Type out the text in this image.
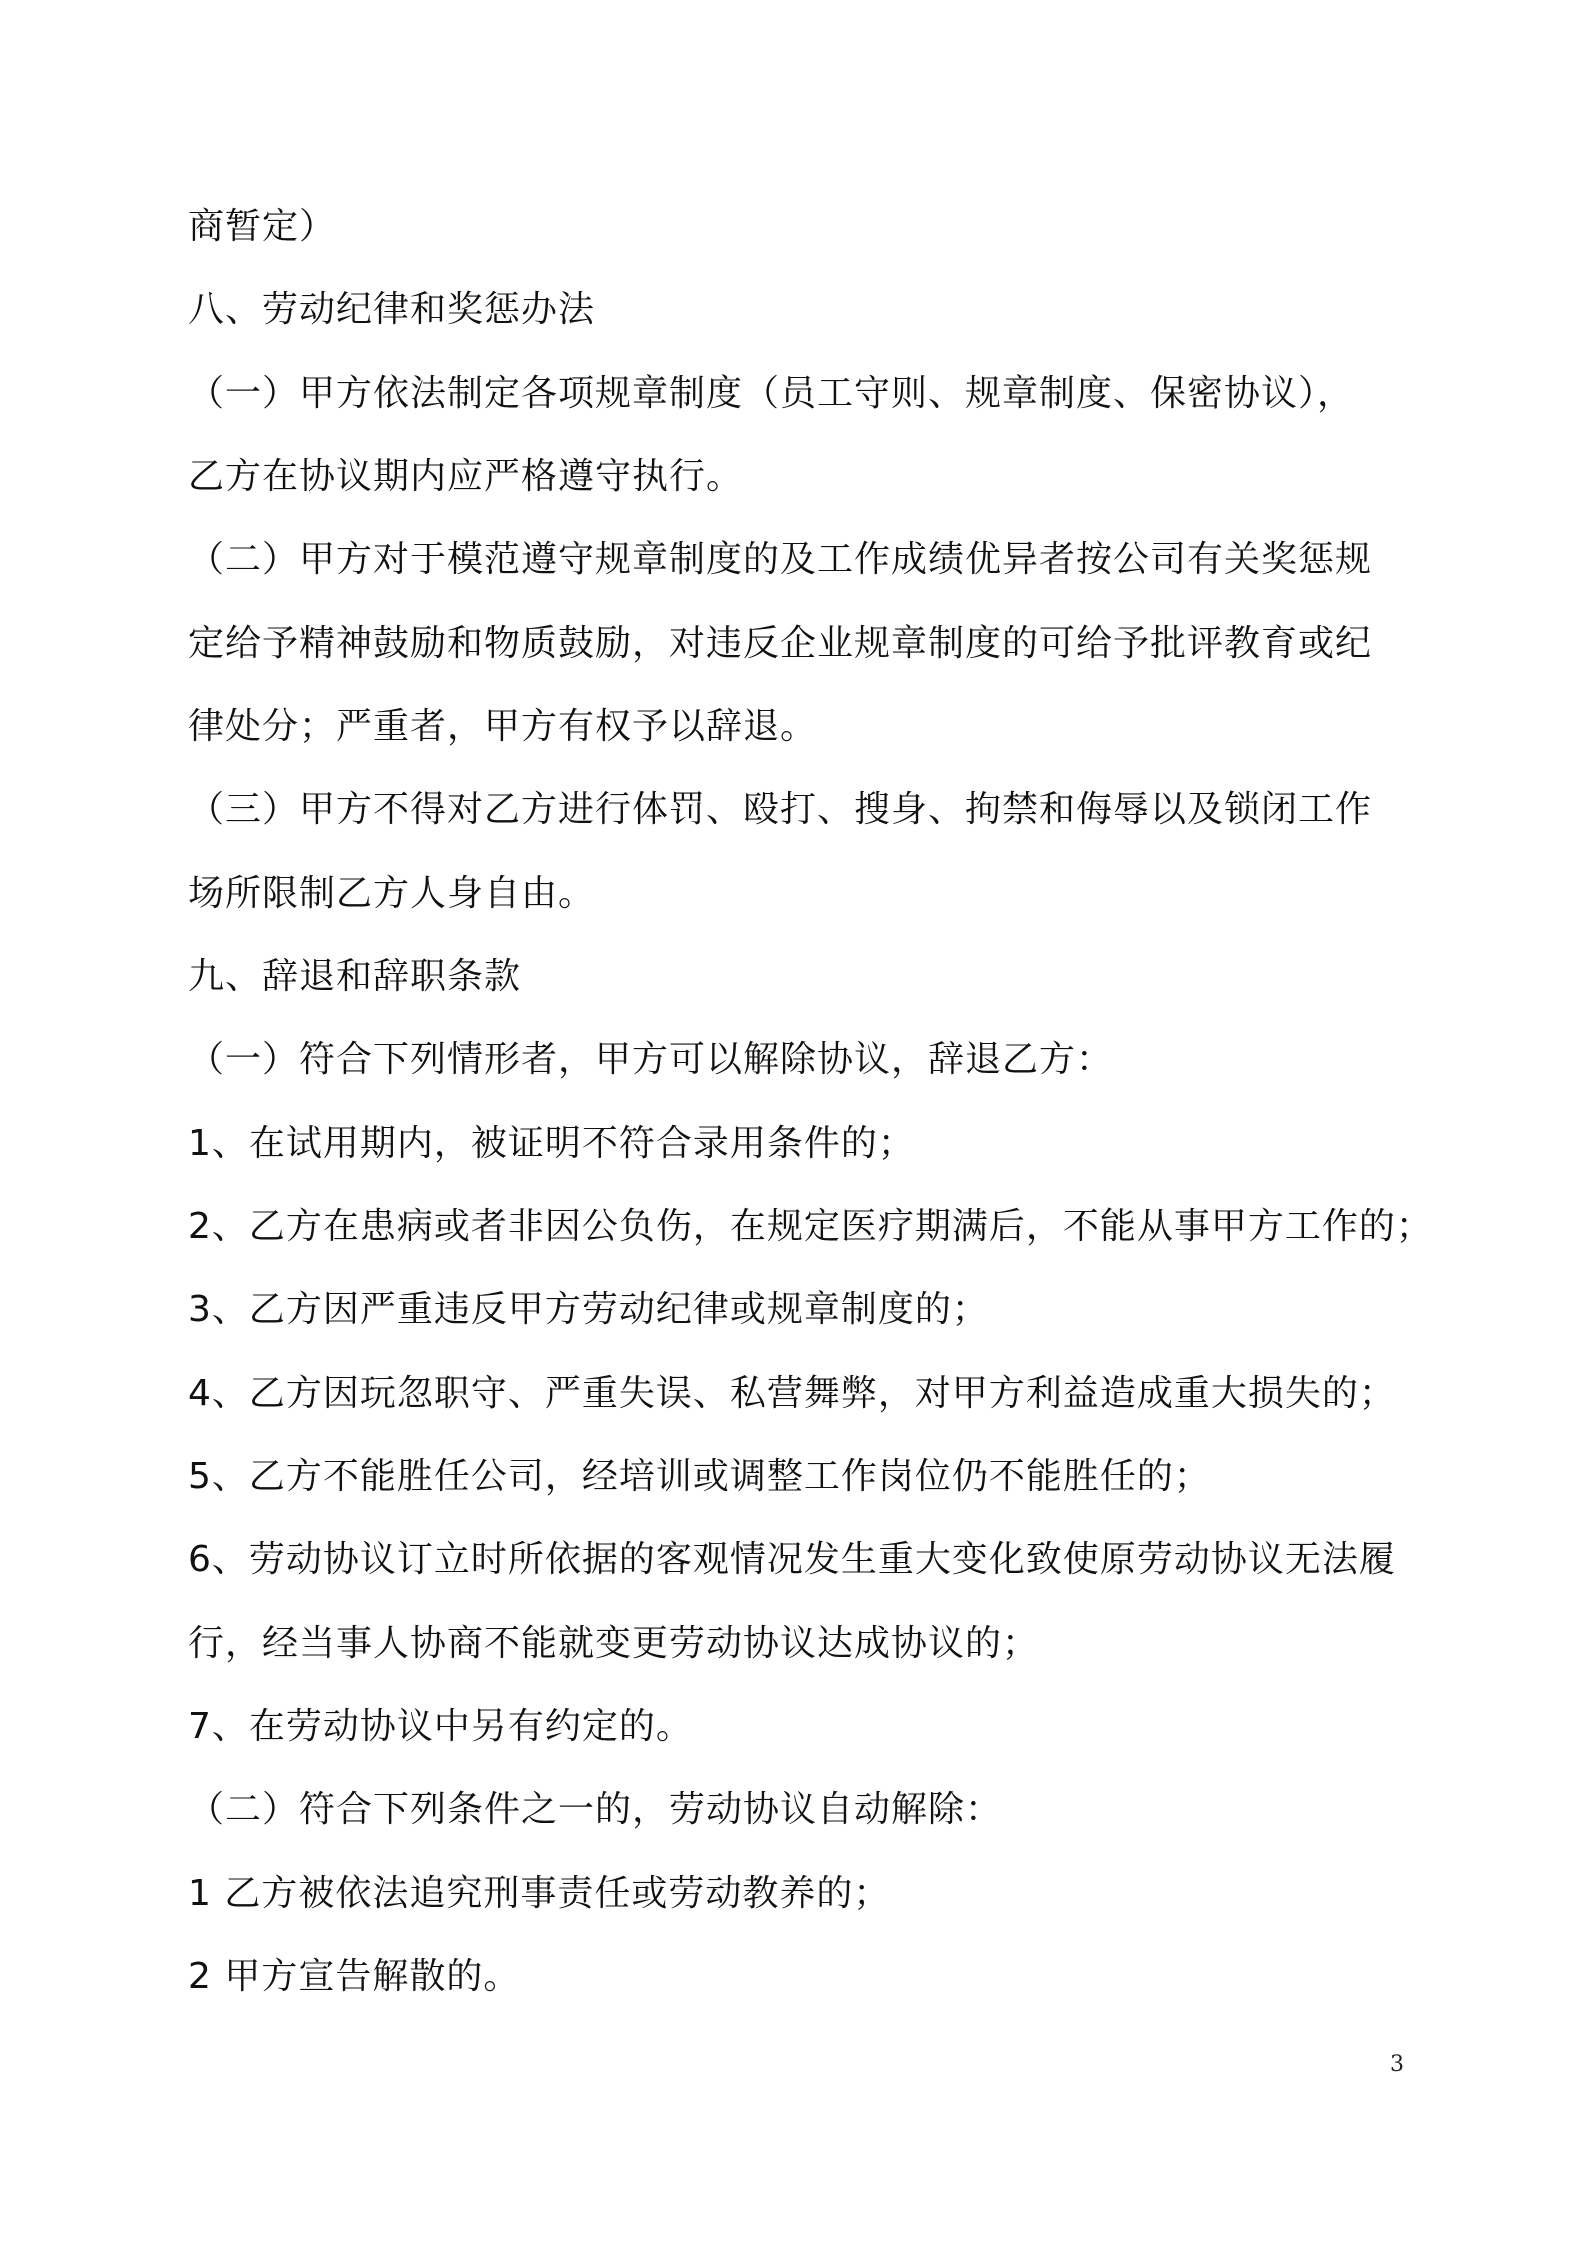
商暂定）
八、劳动纪律和奖惩办法
（一）甲方依法制定各项规章制度（员工守则、规章制度、保密协议），
乙方在协议期内应严格遵守执行。
（二）甲方对于模范遵守规章制度的及工作成绩优异者按公司有关奖惩规
定给予精神鼓励和物质鼓励，对违反企业规章制度的可给予批评教育或纪
律处分；严重者，甲方有权予以辞退。
（三）甲方不得对乙方进行体罚、殴打、搜身、拘禁和侮辱以及锁闭工作
场所限制乙方人身自由。
九、辞退和辞职条款
（一）符合下列情形者，甲方可以解除协议，辞退乙方：
1、在试用期内，被证明不符合录用条件的；
2、乙方在患病或者非因公负伤，在规定医疗期满后，不能从事甲方工作的；
3、乙方因严重违反甲方劳动纪律或规章制度的；
4、乙方因玩忽职守、严重失误、私营舞弊，对甲方利益造成重大损失的；
5、乙方不能胜任公司，经培训或调整工作岗位仍不能胜任的；
6、劳动协议订立时所依据的客观情况发生重大变化致使原劳动协议无法履
行，经当事人协商不能就变更劳动协议达成协议的；
7、在劳动协议中另有约定的。
（二）符合下列条件之一的，劳动协议自动解除：
1 乙方被依法追究刑事责任或劳动教养的；
2 甲方宣告解散的。
3
